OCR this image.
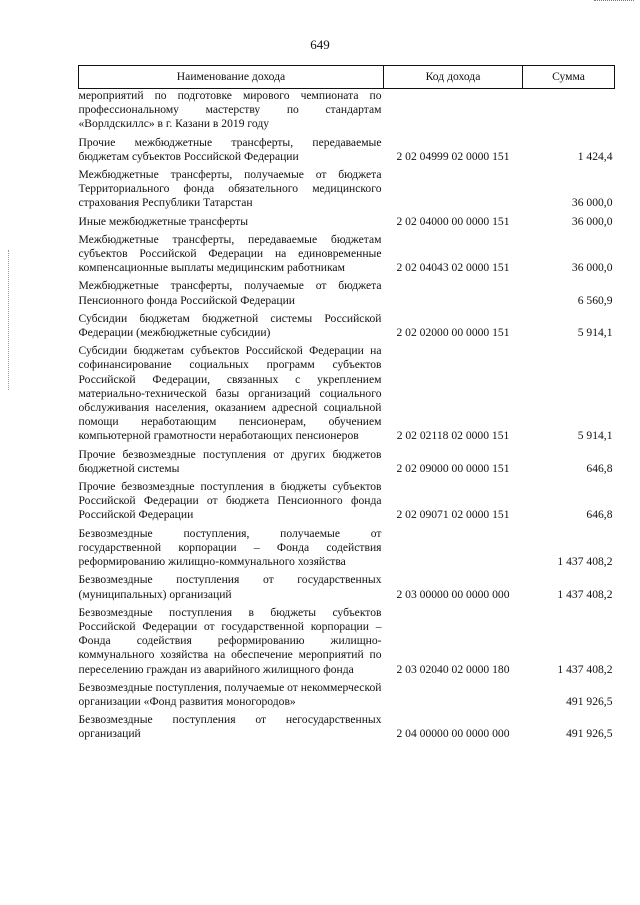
649
Наименование дохода	Код дохода	Сумма
мероприятий по подготовке мирового чемпионата по профессиональному мастерству по стандартам «Ворлдскиллс» в г. Казани в 2019 году		
Прочие межбюджетные трансферты, передаваемые бюджетам субъектов Российской Федерации	2 02 04999 02 0000 151	1 424,4
Межбюджетные трансферты, получаемые от бюджета Территориального фонда обязательного медицинского страхования Республики Татарстан		36 000,0
Иные межбюджетные трансферты	2 02 04000 00 0000 151	36 000,0
Межбюджетные трансферты, передаваемые бюджетам субъектов Российской Федерации на единовременные компенсационные выплаты медицинским работникам	2 02 04043 02 0000 151	36 000,0
Межбюджетные трансферты, получаемые от бюджета Пенсионного фонда Российской Федерации		6 560,9
Субсидии бюджетам бюджетной системы Российской Федерации (межбюджетные субсидии)	2 02 02000 00 0000 151	5 914,1
Субсидии бюджетам субъектов Российской Федерации на софинансирование социальных программ субъектов Российской Федерации, связанных с укреплением материально-технической базы организаций социального обслуживания населения, оказанием адресной социальной помощи неработающим пенсионерам, обучением компьютерной грамотности неработающих пенсионеров	2 02 02118 02 0000 151	5 914,1
Прочие безвозмездные поступления от других бюджетов бюджетной системы	2 02 09000 00 0000 151	646,8
Прочие безвозмездные поступления в бюджеты субъектов Российской Федерации от бюджета Пенсионного фонда Российской Федерации	2 02 09071 02 0000 151	646,8
Безвозмездные поступления, получаемые от государственной корпорации – Фонда содействия реформированию жилищно-коммунального хозяйства		1 437 408,2
Безвозмездные поступления от государственных (муниципальных) организаций	2 03 00000 00 0000 000	1 437 408,2
Безвозмездные поступления в бюджеты субъектов Российской Федерации от государственной корпорации – Фонда содействия реформированию жилищно-коммунального хозяйства на обеспечение мероприятий по переселению граждан из аварийного жилищного фонда	2 03 02040 02 0000 180	1 437 408,2
Безвозмездные поступления, получаемые от некоммерческой организации «Фонд развития моногородов»		491 926,5
Безвозмездные поступления от негосударственных организаций	2 04 00000 00 0000 000	491 926,5
